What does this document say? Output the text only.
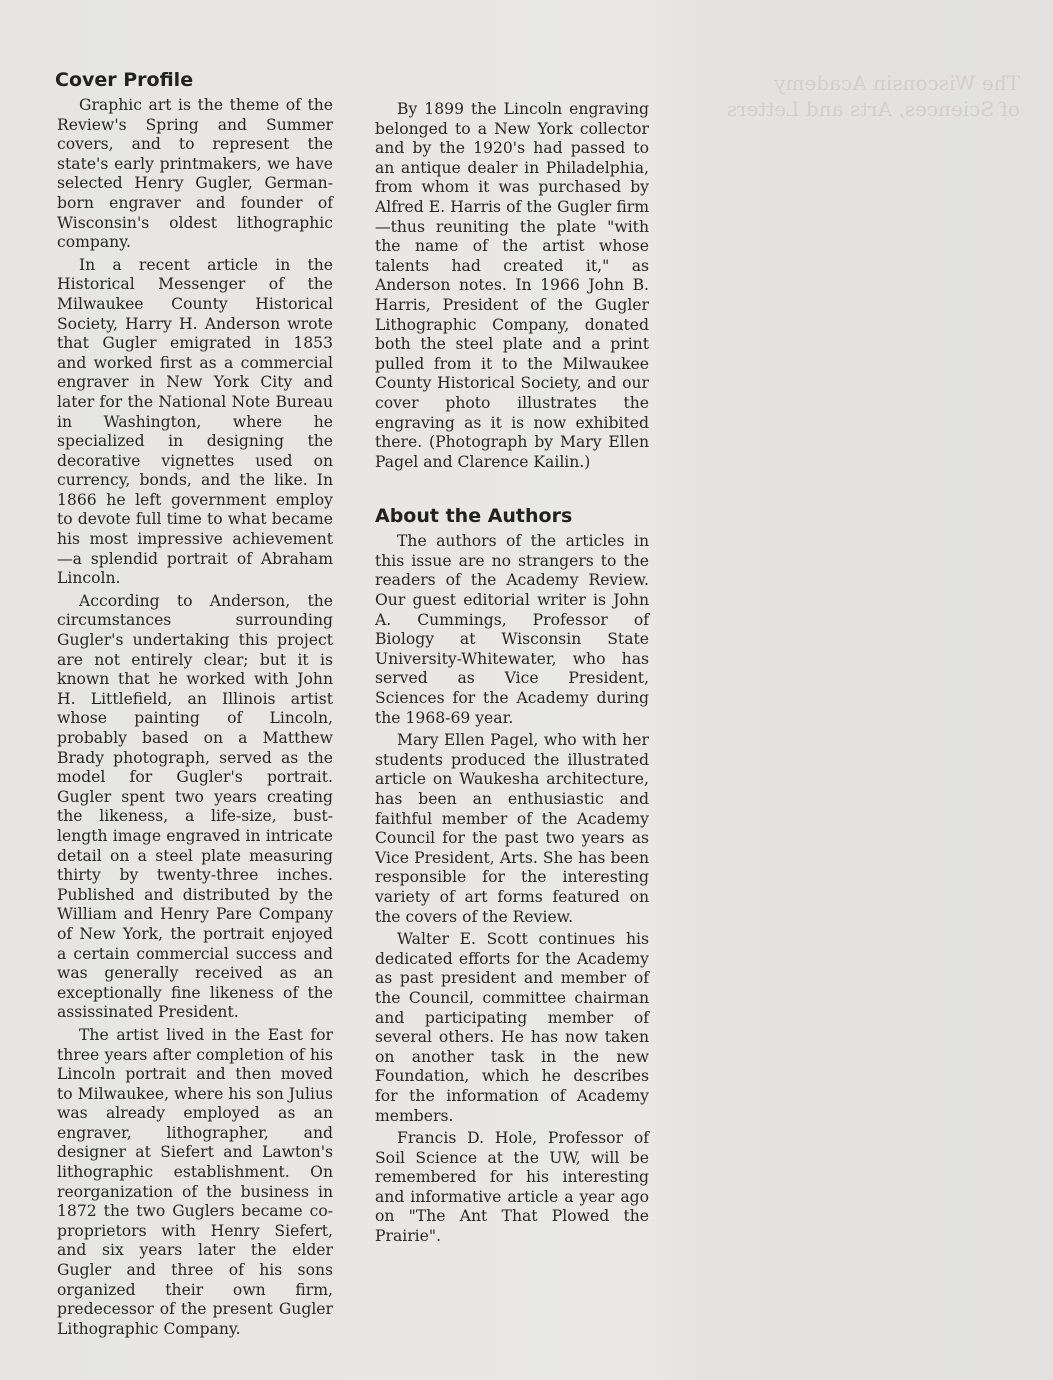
The Wisconsin Academy
of Sciences, Arts and Letters
Cover Profile

Graphic art is the theme of the Review's Spring and Summer covers, and to represent the state's early printmakers, we have selected Henry Gugler, German-born engraver and founder of Wisconsin's oldest lithographic company.

In a recent article in the Historical Messenger of the Milwaukee County Historical Society, Harry H. Anderson wrote that Gugler emigrated in 1853 and worked first as a commercial engraver in New York City and later for the National Note Bureau in Washington, where he specialized in designing the decorative vignettes used on currency, bonds, and the like. In 1866 he left government employ to devote full time to what became his most impressive achievement—a splendid portrait of Abraham Lincoln.

According to Anderson, the circumstances surrounding Gugler's undertaking this project are not entirely clear; but it is known that he worked with John H. Littlefield, an Illinois artist whose painting of Lincoln, probably based on a Matthew Brady photograph, served as the model for Gugler's portrait. Gugler spent two years creating the likeness, a life-size, bust-length image engraved in intricate detail on a steel plate measuring thirty by twenty-three inches. Published and distributed by the William and Henry Pare Company of New York, the portrait enjoyed a certain commercial success and was generally received as an exceptionally fine likeness of the assissinated President.

The artist lived in the East for three years after completion of his Lincoln portrait and then moved to Milwaukee, where his son Julius was already employed as an engraver, lithographer, and designer at Siefert and Lawton's lithographic establishment. On reorganization of the business in 1872 the two Guglers became co-proprietors with Henry Siefert, and six years later the elder Gugler and three of his sons organized their own firm, predecessor of the present Gugler Lithographic Company.

By 1899 the Lincoln engraving belonged to a New York collector and by the 1920's had passed to an antique dealer in Philadelphia, from whom it was purchased by Alfred E. Harris of the Gugler firm—thus reuniting the plate "with the name of the artist whose talents had created it," as Anderson notes. In 1966 John B. Harris, President of the Gugler Lithographic Company, donated both the steel plate and a print pulled from it to the Milwaukee County Historical Society, and our cover photo illustrates the engraving as it is now exhibited there. (Photograph by Mary Ellen Pagel and Clarence Kailin.)

About the Authors

The authors of the articles in this issue are no strangers to the readers of the Academy Review. Our guest editorial writer is John A. Cummings, Professor of Biology at Wisconsin State University-Whitewater, who has served as Vice President, Sciences for the Academy during the 1968-69 year.

Mary Ellen Pagel, who with her students produced the illustrated article on Waukesha architecture, has been an enthusiastic and faithful member of the Academy Council for the past two years as Vice President, Arts. She has been responsible for the interesting variety of art forms featured on the covers of the Review.

Walter E. Scott continues his dedicated efforts for the Academy as past president and member of the Council, committee chairman and participating member of several others. He has now taken on another task in the new Foundation, which he describes for the information of Academy members.

Francis D. Hole, Professor of Soil Science at the UW, will be remembered for his interesting and informative article a year ago on "The Ant That Plowed the Prairie".
